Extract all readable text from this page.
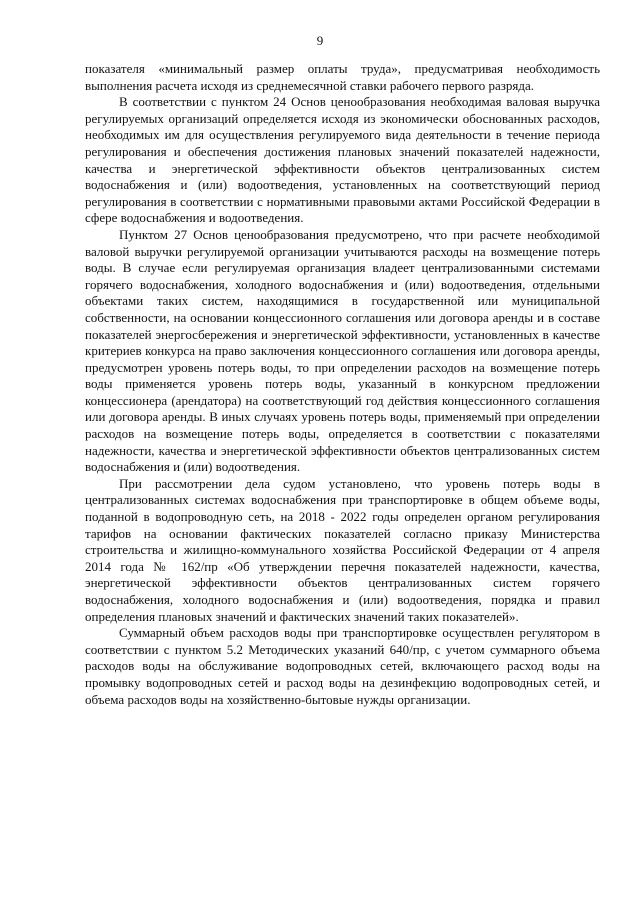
9

показателя «минимальный размер оплаты труда», предусматривая необходимость выполнения расчета исходя из среднемесячной ставки рабочего первого разряда.

В соответствии с пунктом 24 Основ ценообразования необходимая валовая выручка регулируемых организаций определяется исходя из экономически обоснованных расходов, необходимых им для осуществления регулируемого вида деятельности в течение периода регулирования и обеспечения достижения плановых значений показателей надежности, качества и энергетической эффективности объектов централизованных систем водоснабжения и (или) водоотведения, установленных на соответствующий период регулирования в соответствии с нормативными правовыми актами Российской Федерации в сфере водоснабжения и водоотведения.

Пунктом 27 Основ ценообразования предусмотрено, что при расчете необходимой валовой выручки регулируемой организации учитываются расходы на возмещение потерь воды. В случае если регулируемая организация владеет централизованными системами горячего водоснабжения, холодного водоснабжения и (или) водоотведения, отдельными объектами таких систем, находящимися в государственной или муниципальной собственности, на основании концессионного соглашения или договора аренды и в составе показателей энергосбережения и энергетической эффективности, установленных в качестве критериев конкурса на право заключения концессионного соглашения или договора аренды, предусмотрен уровень потерь воды, то при определении расходов на возмещение потерь воды применяется уровень потерь воды, указанный в конкурсном предложении концессионера (арендатора) на соответствующий год действия концессионного соглашения или договора аренды. В иных случаях уровень потерь воды, применяемый при определении расходов на возмещение потерь воды, определяется в соответствии с показателями надежности, качества и энергетической эффективности объектов централизованных систем водоснабжения и (или) водоотведения.

При рассмотрении дела судом установлено, что уровень потерь воды в централизованных системах водоснабжения при транспортировке в общем объеме воды, поданной в водопроводную сеть, на 2018 - 2022 годы определен органом регулирования тарифов на основании фактических показателей согласно приказу Министерства строительства и жилищно-коммунального хозяйства Российской Федерации от 4 апреля 2014 года № 162/пр «Об утверждении перечня показателей надежности, качества, энергетической эффективности объектов централизованных систем горячего водоснабжения, холодного водоснабжения и (или) водоотведения, порядка и правил определения плановых значений и фактических значений таких показателей».

Суммарный объем расходов воды при транспортировке осуществлен регулятором в соответствии с пунктом 5.2 Методических указаний 640/пр, с учетом суммарного объема расходов воды на обслуживание водопроводных сетей, включающего расход воды на промывку водопроводных сетей и расход воды на дезинфекцию водопроводных сетей, и объема расходов воды на хозяйственно-бытовые нужды организации.
